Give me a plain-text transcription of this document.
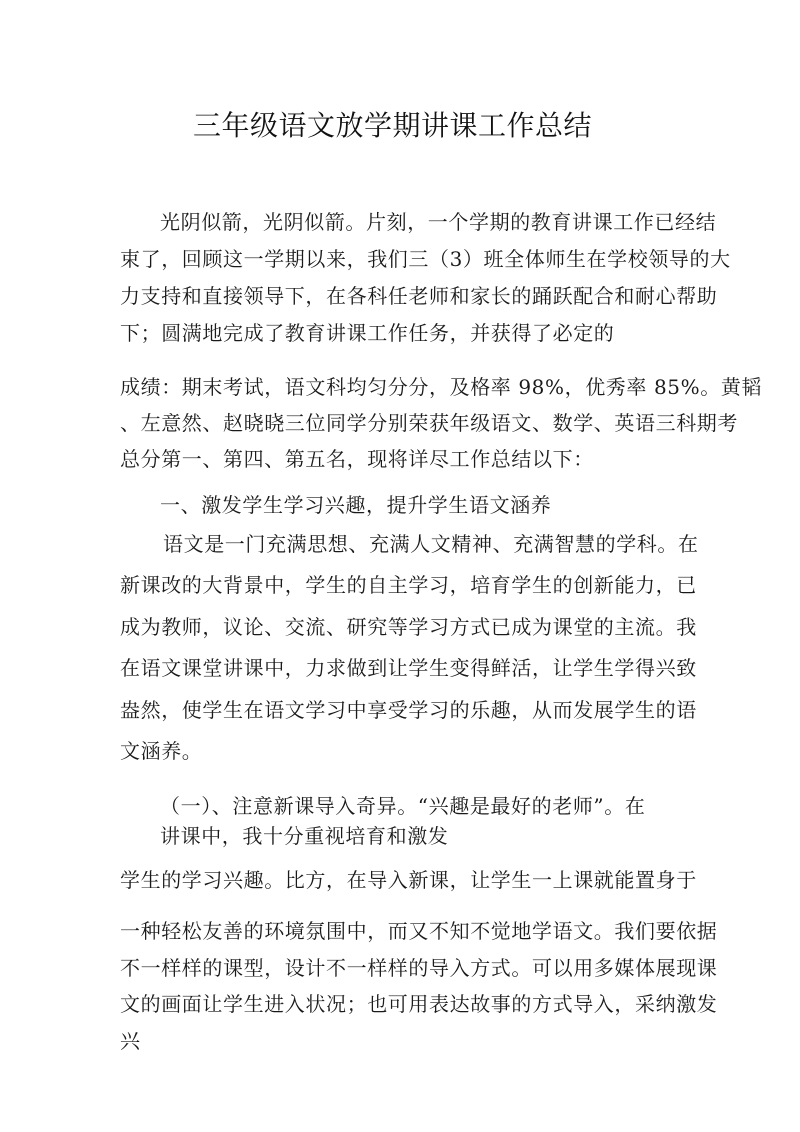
三年级语文放学期讲课工作总结
光阴似箭，光阴似箭。片刻，一个学期的教育讲课工作已经结
束了，回顾这一学期以来，我们三（3）班全体师生在学校领导的大
力支持和直接领导下，在各科任老师和家长的踊跃配合和耐心帮助
下；圆满地完成了教育讲课工作任务，并获得了必定的
成绩：期末考试，语文科均匀分分，及格率 98%，优秀率 85%。黄韬
、左意然、赵晓晓三位同学分别荣获年级语文、数学、英语三科期考
总分第一、第四、第五名，现将详尽工作总结以下：
一、激发学生学习兴趣，提升学生语文涵养
语文是一门充满思想、充满人文精神、充满智慧的学科。在
新课改的大背景中，学生的自主学习，培育学生的创新能力，已
成为教师，议论、交流、研究等学习方式已成为课堂的主流。我
在语文课堂讲课中，力求做到让学生变得鲜活，让学生学得兴致
盎然，使学生在语文学习中享受学习的乐趣，从而发展学生的语
文涵养。
（一）、注意新课导入奇异。“兴趣是最好的老师”。在
讲课中，我十分重视培育和激发
学生的学习兴趣。比方，在导入新课，让学生一上课就能置身于
一种轻松友善的环境氛围中，而又不知不觉地学语文。我们要依据
不一样样的课型，设计不一样样的导入方式。可以用多媒体展现课
文的画面让学生进入状况；也可用表达故事的方式导入，采纳激发
兴
